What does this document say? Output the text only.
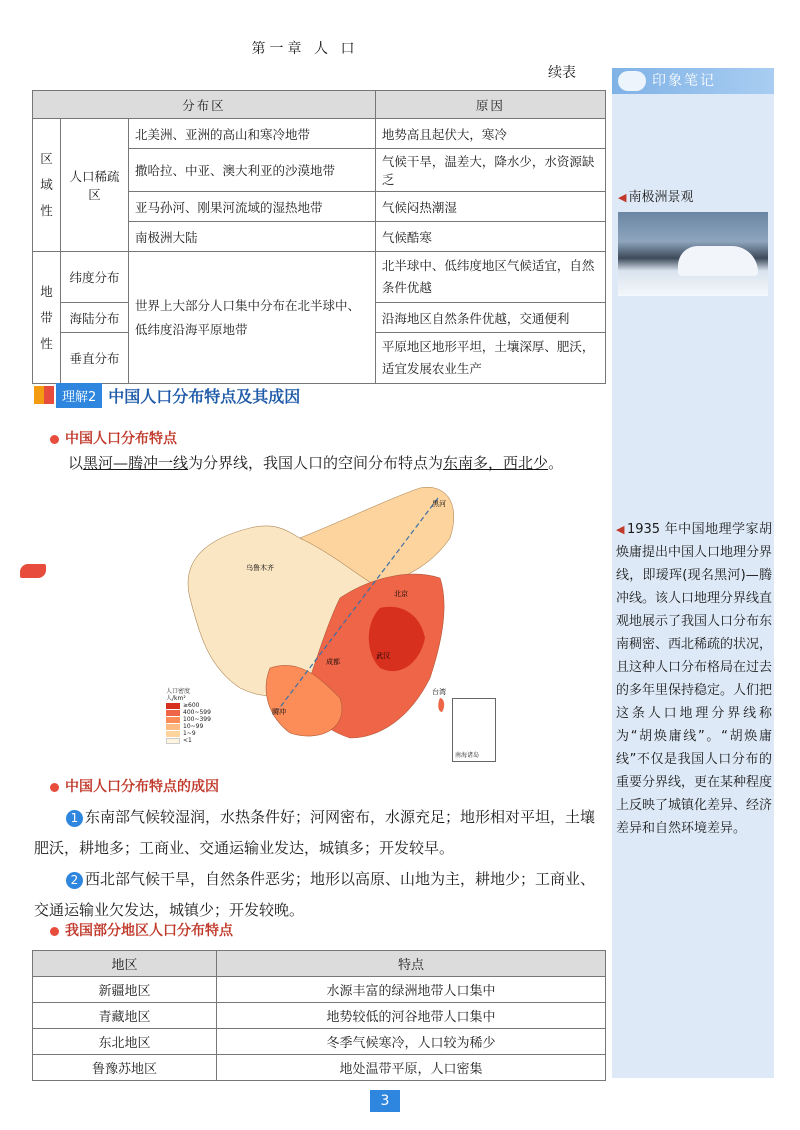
第一章 人 口
续表	印象笔记
◀ 南极洲景观
◀ 1935 年中国地理学家胡焕庸提出中国人口地理分界线，即瑷珲(现名黑河)—腾冲线。该人口地理分界线直观地展示了我国人口分布东南稠密、西北稀疏的状况，且这种人口分布格局在过去的多年里保持稳定。人们把这条人口地理分界线称为“胡焕庸线”。“胡焕庸线”不仅是我国人口分布的重要分界线，更在某种程度上反映了城镇化差异、经济差异和自然环境差异。
分布区			原因
区域性	人口稀疏区	北美洲、亚洲的高山和寒冷地带	地势高且起伏大，寒冷
		撒哈拉、中亚、澳大利亚的沙漠地带	气候干旱，温差大，降水少，水资源缺乏
		亚马孙河、刚果河流域的湿热地带	气候闷热潮湿
		南极洲大陆	气候酷寒
地带性	纬度分布	世界上大部分人口集中分布在北半球中、低纬度沿海平原地带	北半球中、低纬度地区气候适宜，自然条件优越
	海陆分布		沿海地区自然条件优越，交通便利
	垂直分布		平原地区地形平坦，土壤深厚、肥沃，适宜发展农业生产
理解2 中国人口分布特点及其成因
中国人口分布特点
以黑河—腾冲一线为分界线，我国人口的空间分布特点为东南多，西北少。
黑河
腾冲
乌鲁木齐
北京
成都
武汉
台湾
人口密度
人/km²
≥600
400~599
100~399
10~99
1~9
<1
南海诸岛
中国人口分布特点的成因
1 东南部气候较湿润，水热条件好；河网密布，水源充足；地形相对平坦，土壤肥沃，耕地多；工商业、交通运输业发达，城镇多；开发较早。
2 西北部气候干旱，自然条件恶劣；地形以高原、山地为主，耕地少；工商业、交通运输业欠发达，城镇少；开发较晚。
我国部分地区人口分布特点
地区	特点
新疆地区	水源丰富的绿洲地带人口集中
青藏地区	地势较低的河谷地带人口集中
东北地区	冬季气候寒冷，人口较为稀少
鲁豫苏地区	地处温带平原，人口密集
3
